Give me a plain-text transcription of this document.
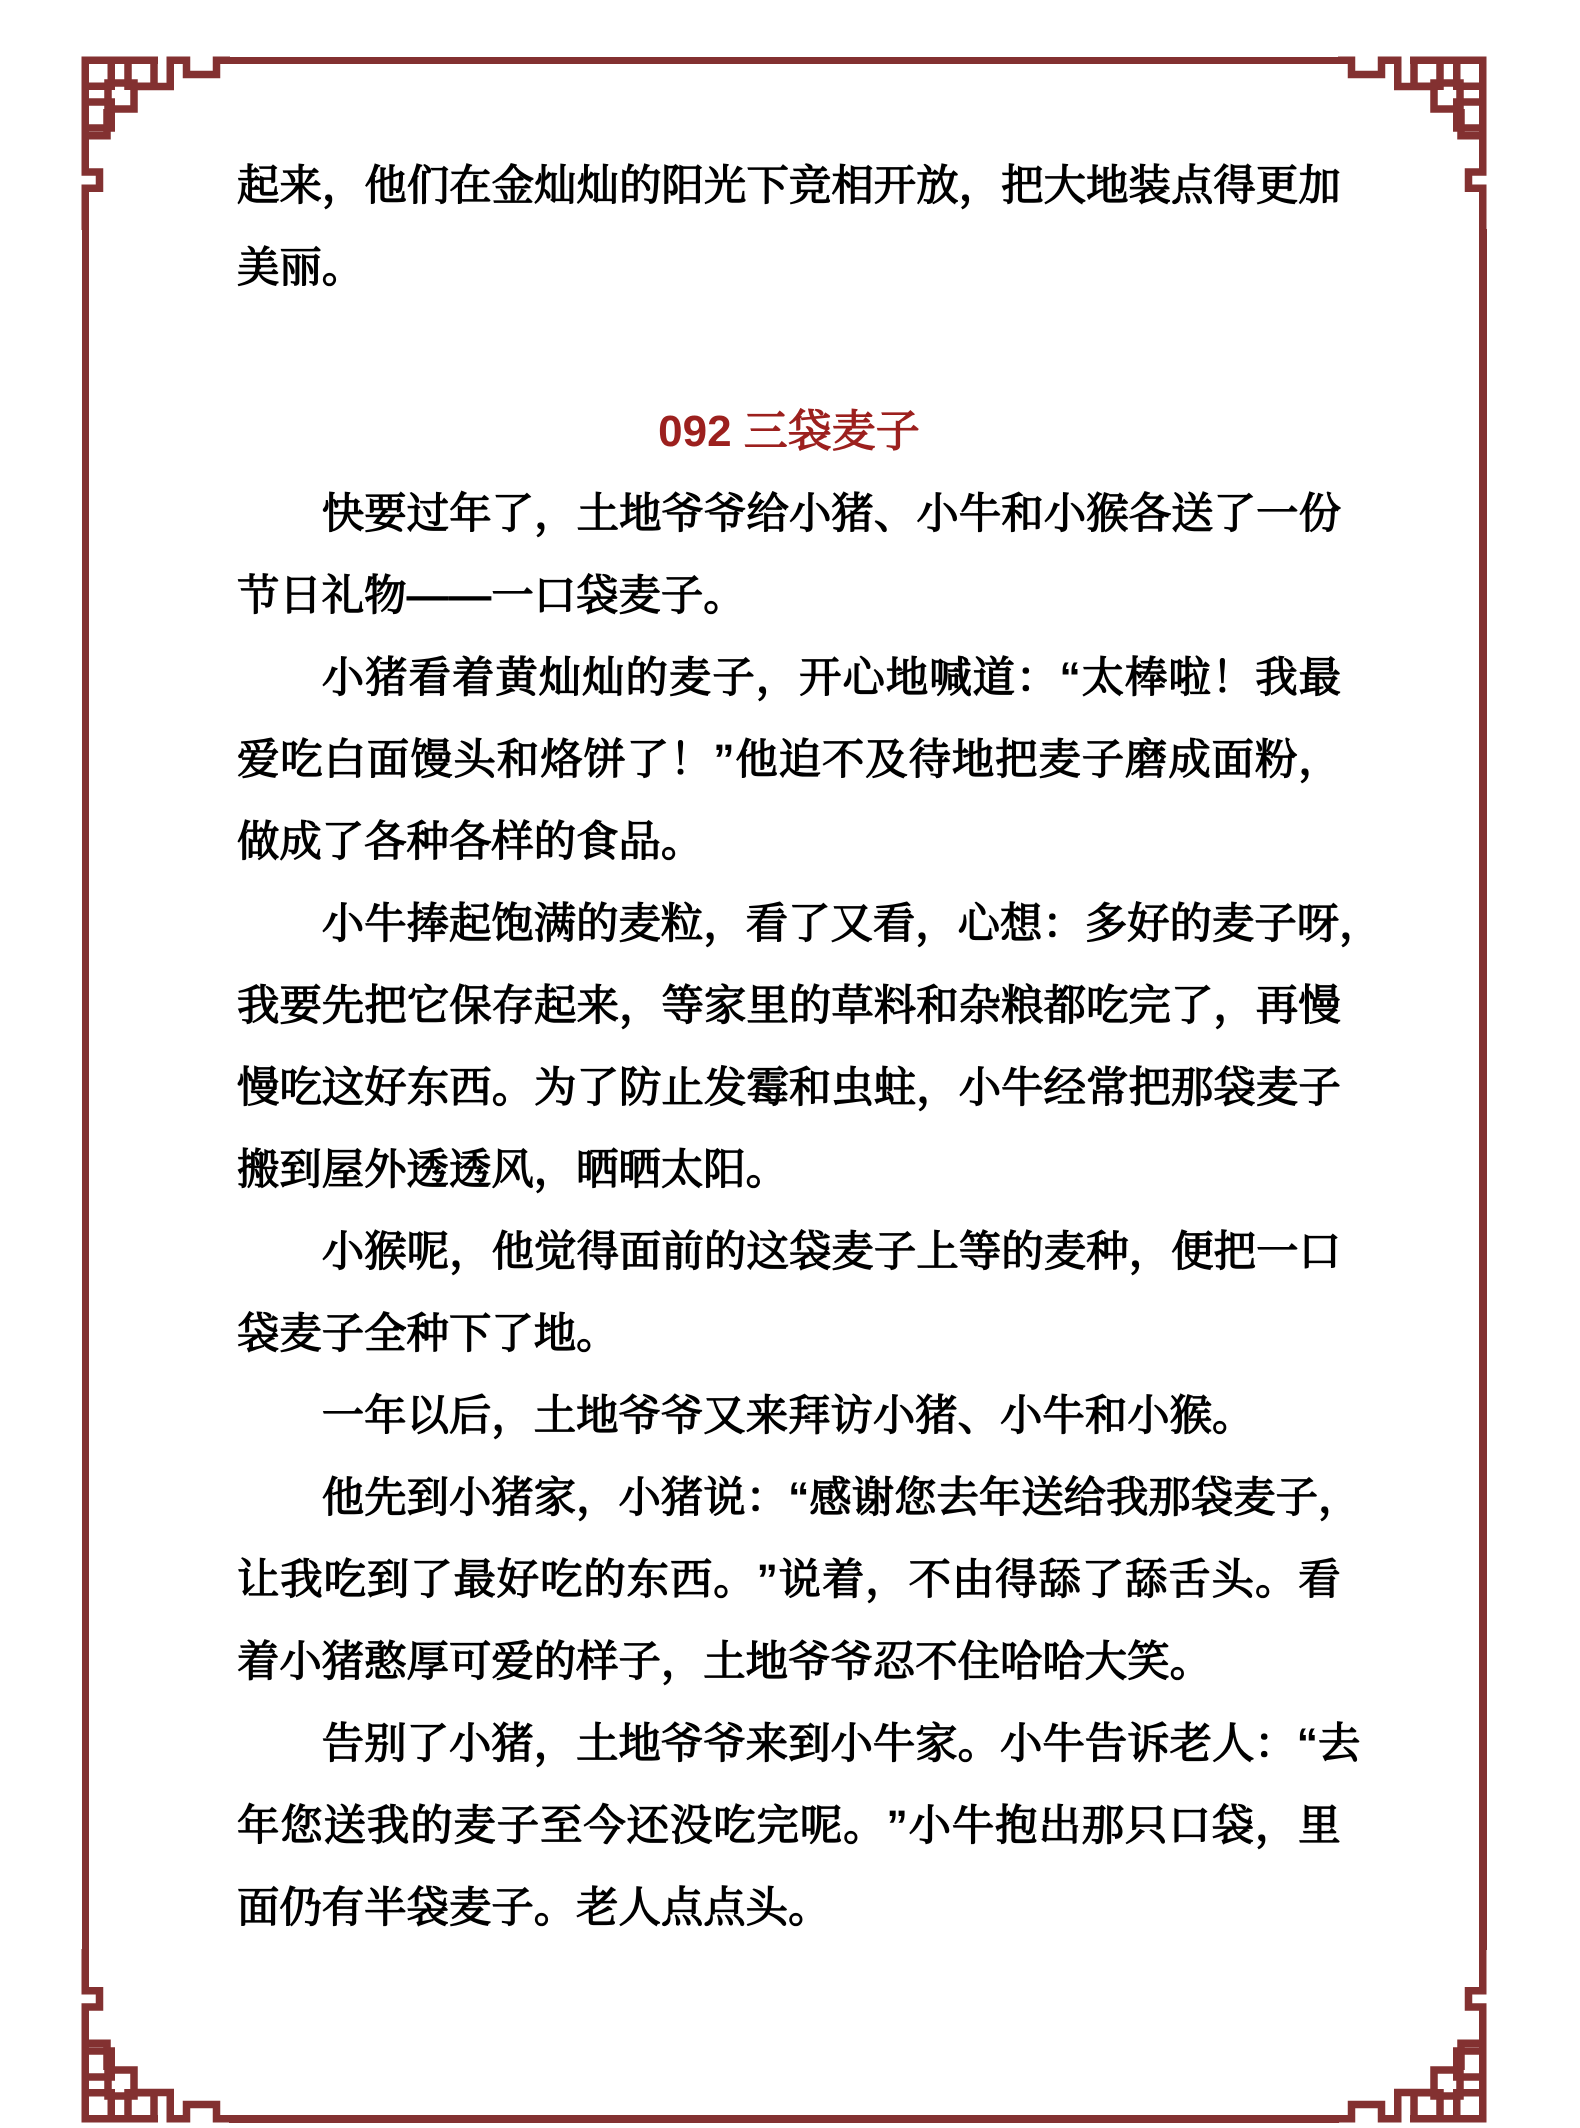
起 来 ， 他 们 在 金 灿 灿 的 阳 光 下 竞 相 开 放 ， 把 大 地 装 点 得 更 加
美丽。
092 三袋麦子
快 要 过 年 了 ， 土 地 爷 爷 给 小 猪 、 小 牛 和 小 猴 各 送 了 一 份
节日礼物——一口袋麦子。
小 猪 看 着 黄 灿 灿 的 麦 子 ， 开 心 地 喊 道 ： “ 太 棒 啦 ！ 我 最
爱 吃 白 面 馒 头 和 烙 饼 了 ！ ” 他 迫 不 及 待 地 把 麦 子 磨 成 面 粉 ，
做成了各种各样的食品。
小 牛 捧 起 饱 满 的 麦 粒 ， 看 了 又 看 ， 心 想 ： 多 好 的 麦 子 呀 ，
我 要 先 把 它 保 存 起 来 ， 等 家 里 的 草 料 和 杂 粮 都 吃 完 了 ， 再 慢
慢 吃 这 好 东 西 。 为 了 防 止 发 霉 和 虫 蛀 ， 小 牛 经 常 把 那 袋 麦 子
搬到屋外透透风，晒晒太阳。
小 猴 呢 ， 他 觉 得 面 前 的 这 袋 麦 子 上 等 的 麦 种 ， 便 把 一 口
袋麦子全种下了地。
一年以后，土地爷爷又来拜访小猪、小牛和小猴。
他 先 到 小 猪 家 ， 小 猪 说 ： “ 感 谢 您 去 年 送 给 我 那 袋 麦 子 ，
让 我 吃 到 了 最 好 吃 的 东 西 。 ” 说 着 ， 不 由 得 舔 了 舔 舌 头 。 看
着小猪憨厚可爱的样子，土地爷爷忍不住哈哈大笑。
告 别 了 小 猪 ， 土 地 爷 爷 来 到 小 牛 家 。 小 牛 告 诉 老 人 ： “ 去
年 您 送 我 的 麦 子 至 今 还 没 吃 完 呢 。 ” 小 牛 抱 出 那 只 口 袋 ， 里
面仍有半袋麦子。老人点点头。
